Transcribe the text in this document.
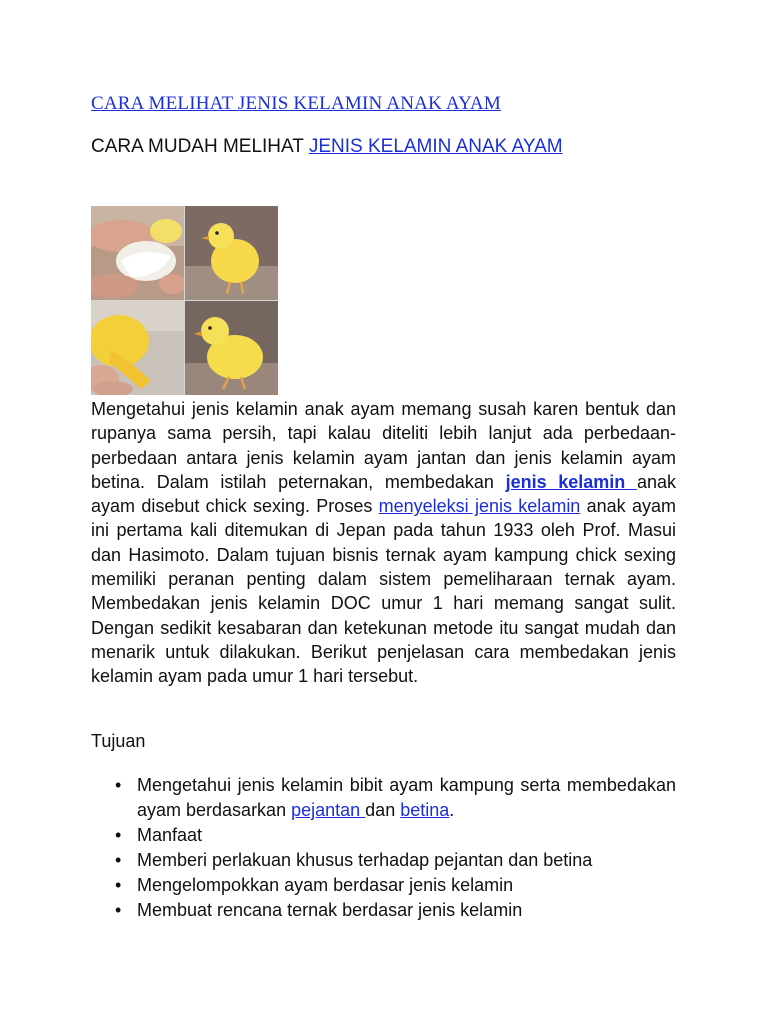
CARA MELIHAT JENIS KELAMIN ANAK AYAM
CARA MUDAH MELIHAT JENIS KELAMIN ANAK AYAM

Mengetahui jenis kelamin anak ayam memang susah karen bentuk dan rupanya sama persih, tapi kalau diteliti lebih lanjut ada perbedaan-perbedaan antara jenis kelamin ayam jantan dan jenis kelamin ayam betina. Dalam istilah peternakan, membedakan jenis kelamin anak ayam disebut chick sexing. Proses menyeleksi jenis kelamin anak ayam ini pertama kali ditemukan di Jepan pada tahun 1933 oleh Prof. Masui dan Hasimoto. Dalam tujuan bisnis ternak ayam kampung chick sexing memiliki peranan penting dalam sistem pemeliharaan ternak ayam. Membedakan jenis kelamin DOC umur 1 hari memang sangat sulit. Dengan sedikit kesabaran dan ketekunan metode itu sangat mudah dan menarik untuk dilakukan. Berikut penjelasan cara membedakan jenis kelamin ayam pada umur 1 hari tersebut.

Tujuan

• Mengetahui jenis kelamin bibit ayam kampung serta membedakan ayam berdasarkan pejantan dan betina.
• Manfaat
• Memberi perlakuan khusus terhadap pejantan dan betina
• Mengelompokkan ayam berdasar jenis kelamin
• Membuat rencana ternak berdasar jenis kelamin
